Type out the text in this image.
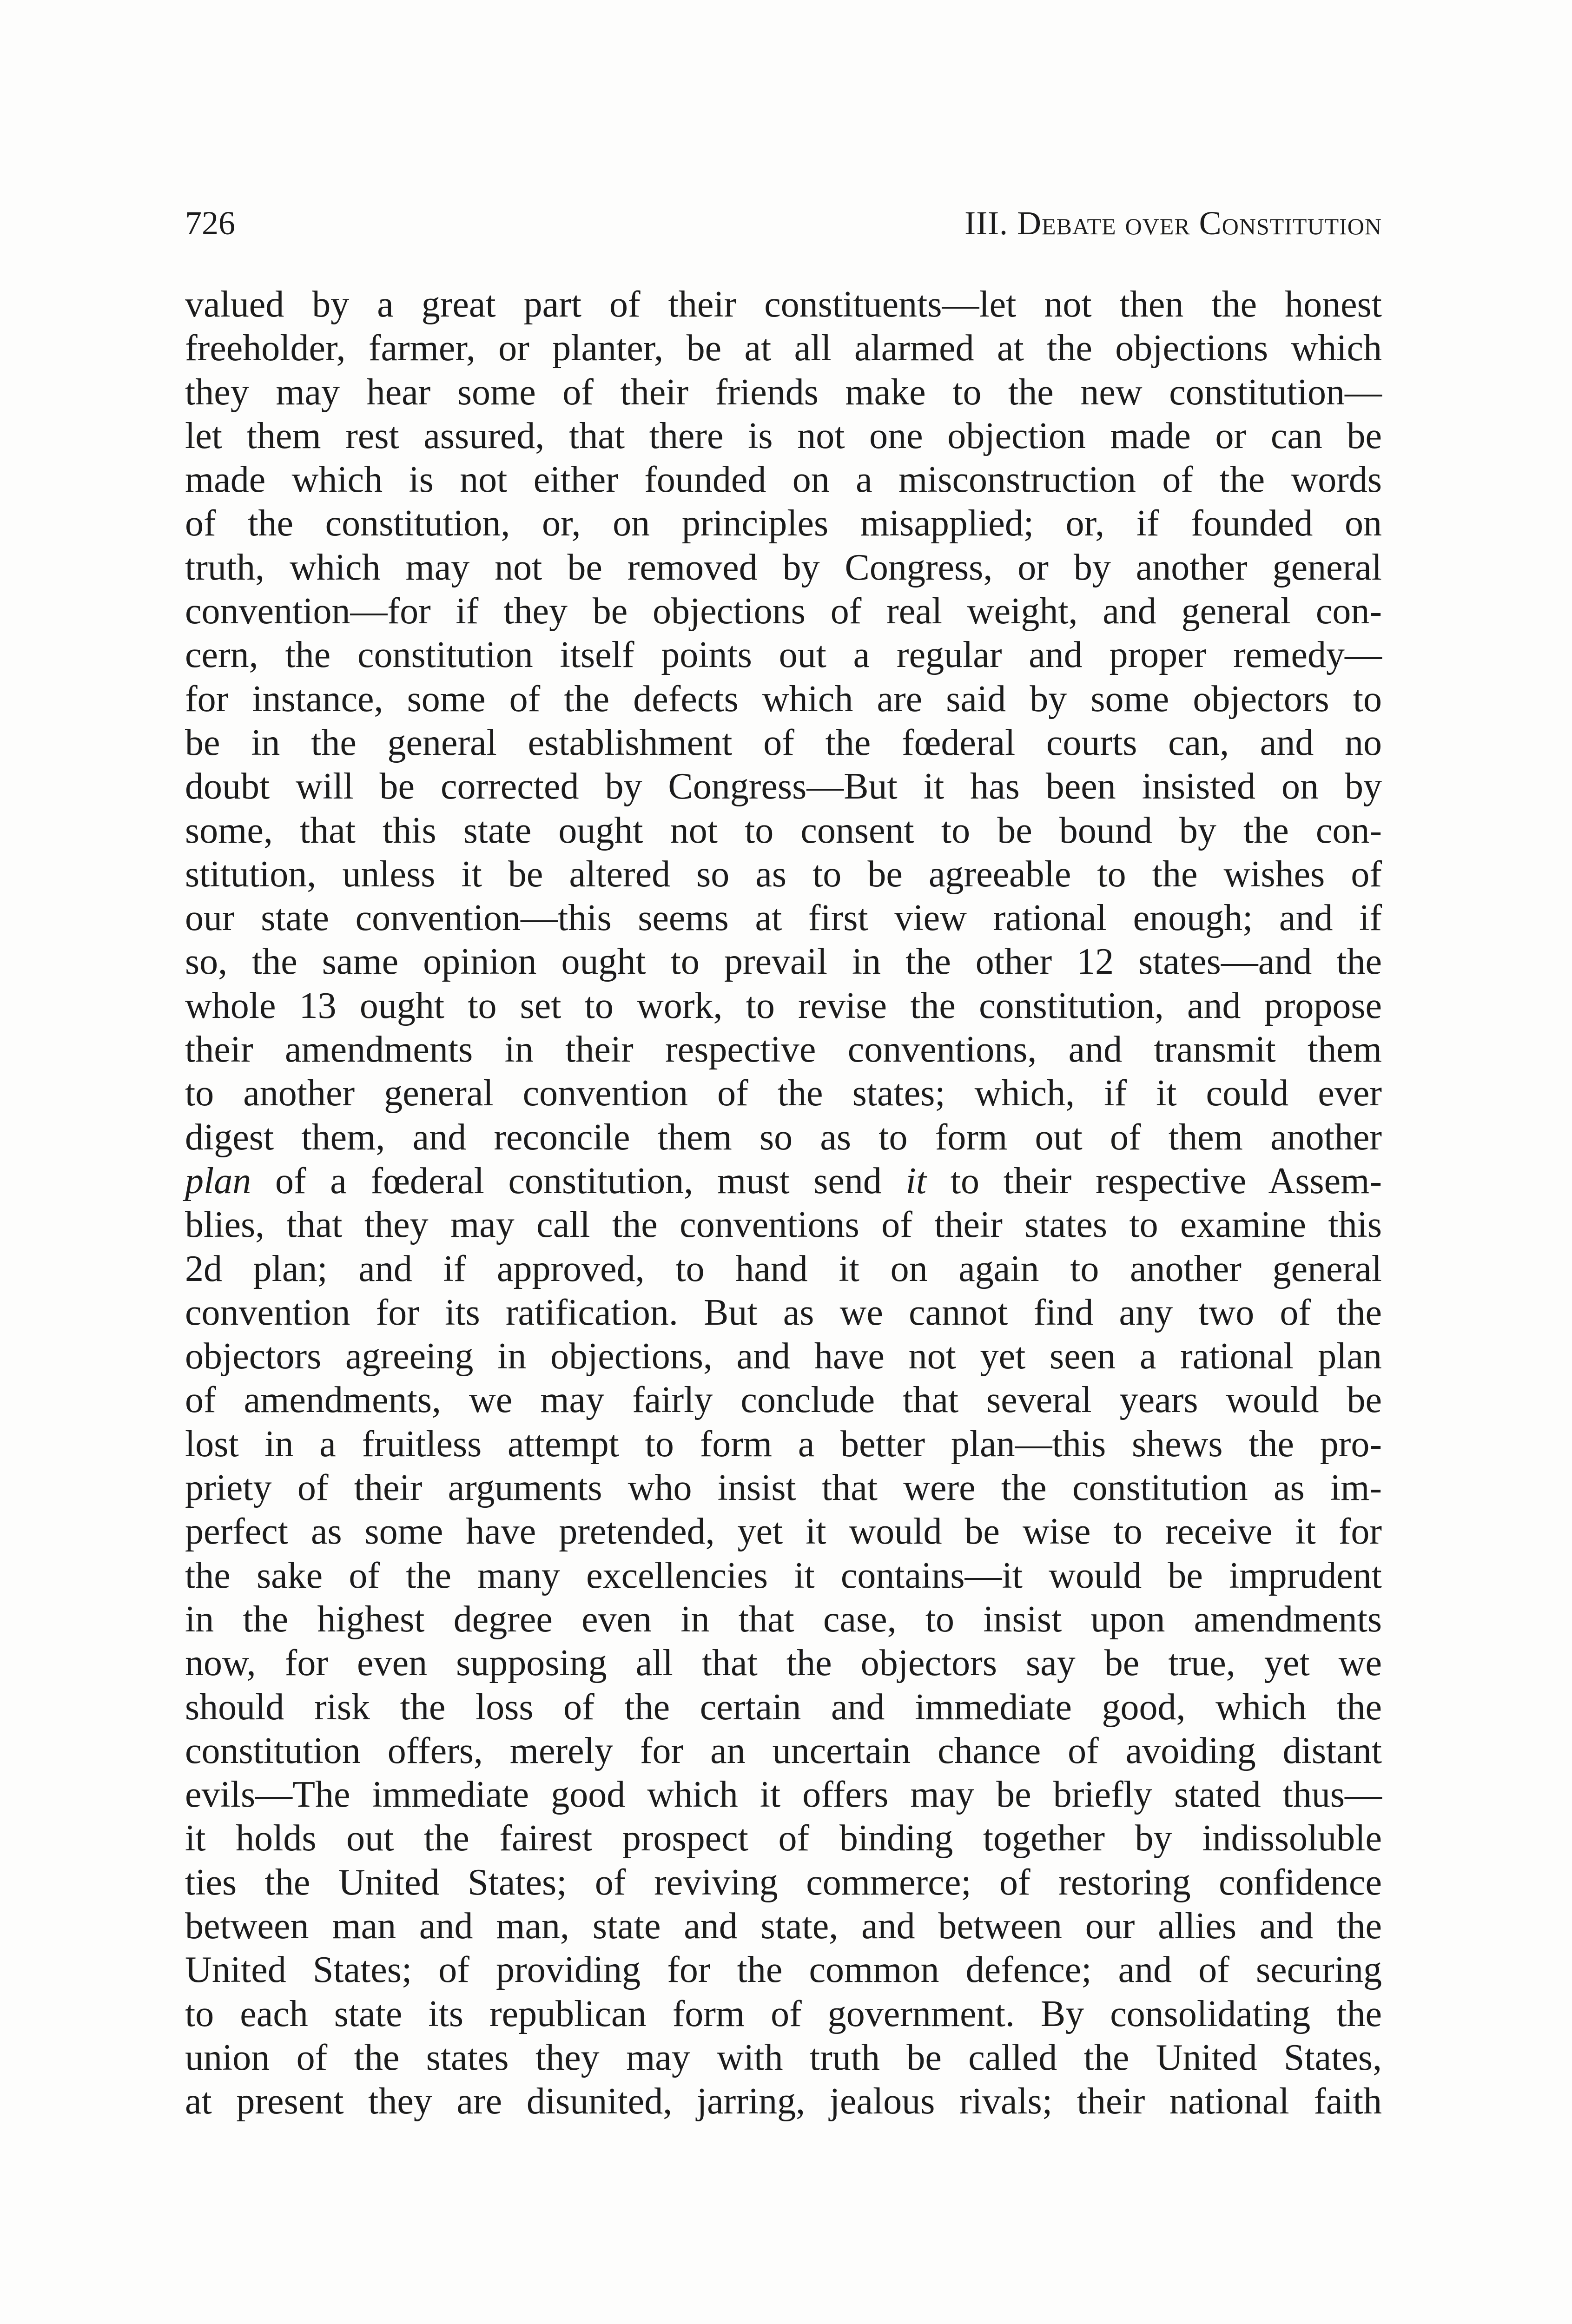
726	III. Debate over Constitution
valued by a great part of their constituents—let not then the honest
freeholder, farmer, or planter, be at all alarmed at the objections which
they may hear some of their friends make to the new constitution—
let them rest assured, that there is not one objection made or can be
made which is not either founded on a misconstruction of the words
of the constitution, or, on principles misapplied; or, if founded on
truth, which may not be removed by Congress, or by another general
convention—for if they be objections of real weight, and general con-
cern, the constitution itself points out a regular and proper remedy—
for instance, some of the defects which are said by some objectors to
be in the general establishment of the fœderal courts can, and no
doubt will be corrected by Congress—But it has been insisted on by
some, that this state ought not to consent to be bound by the con-
stitution, unless it be altered so as to be agreeable to the wishes of
our state convention—this seems at first view rational enough; and if
so, the same opinion ought to prevail in the other 12 states—and the
whole 13 ought to set to work, to revise the constitution, and propose
their amendments in their respective conventions, and transmit them
to another general convention of the states; which, if it could ever
digest them, and reconcile them so as to form out of them another
plan of a fœderal constitution, must send it to their respective Assem-
blies, that they may call the conventions of their states to examine this
2d plan; and if approved, to hand it on again to another general
convention for its ratification. But as we cannot find any two of the
objectors agreeing in objections, and have not yet seen a rational plan
of amendments, we may fairly conclude that several years would be
lost in a fruitless attempt to form a better plan—this shews the pro-
priety of their arguments who insist that were the constitution as im-
perfect as some have pretended, yet it would be wise to receive it for
the sake of the many excellencies it contains—it would be imprudent
in the highest degree even in that case, to insist upon amendments
now, for even supposing all that the objectors say be true, yet we
should risk the loss of the certain and immediate good, which the
constitution offers, merely for an uncertain chance of avoiding distant
evils—The immediate good which it offers may be briefly stated thus—
it holds out the fairest prospect of binding together by indissoluble
ties the United States; of reviving commerce; of restoring confidence
between man and man, state and state, and between our allies and the
United States; of providing for the common defence; and of securing
to each state its republican form of government. By consolidating the
union of the states they may with truth be called the United States,
at present they are disunited, jarring, jealous rivals; their national faith
